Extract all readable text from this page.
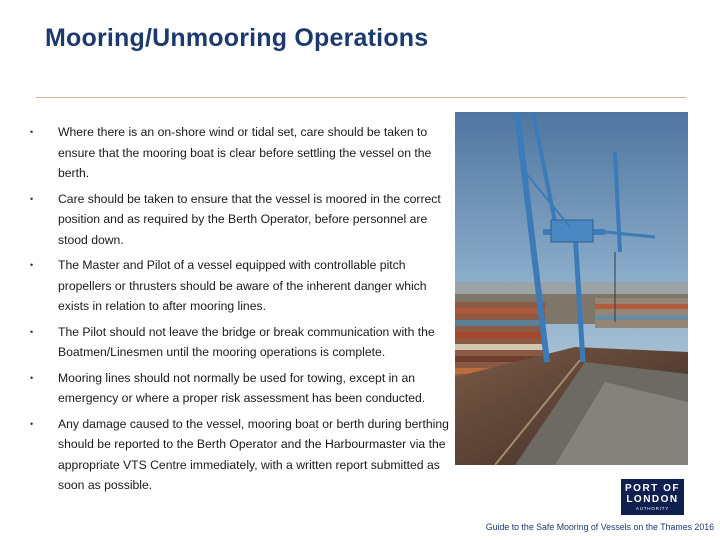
Mooring/Unmooring Operations
• Where there is an on-shore wind or tidal set, care should be taken to ensure that the mooring boat is clear before settling the vessel on the berth.
• Care should be taken to ensure that the vessel is moored in the correct position and as required by the Berth Operator, before personnel are stood down.
• The Master and Pilot of a vessel equipped with controllable pitch propellers or thrusters should be aware of the inherent danger which exists in relation to after mooring lines.
• The Pilot should not leave the bridge or break communication with the Boatmen/Linesmen until the mooring operations is complete.
• Mooring lines should not normally be used for towing, except in an emergency or where a proper risk assessment has been conducted.
• Any damage caused to the vessel, mooring boat or berth during berthing should be reported to the Berth Operator and the Harbourmaster via the appropriate VTS Centre immediately, with a written report submitted as soon as possible.	PORT OF
LONDON
AUTHORITY
Guide to the Safe Mooring of Vessels on the Thames 2016
